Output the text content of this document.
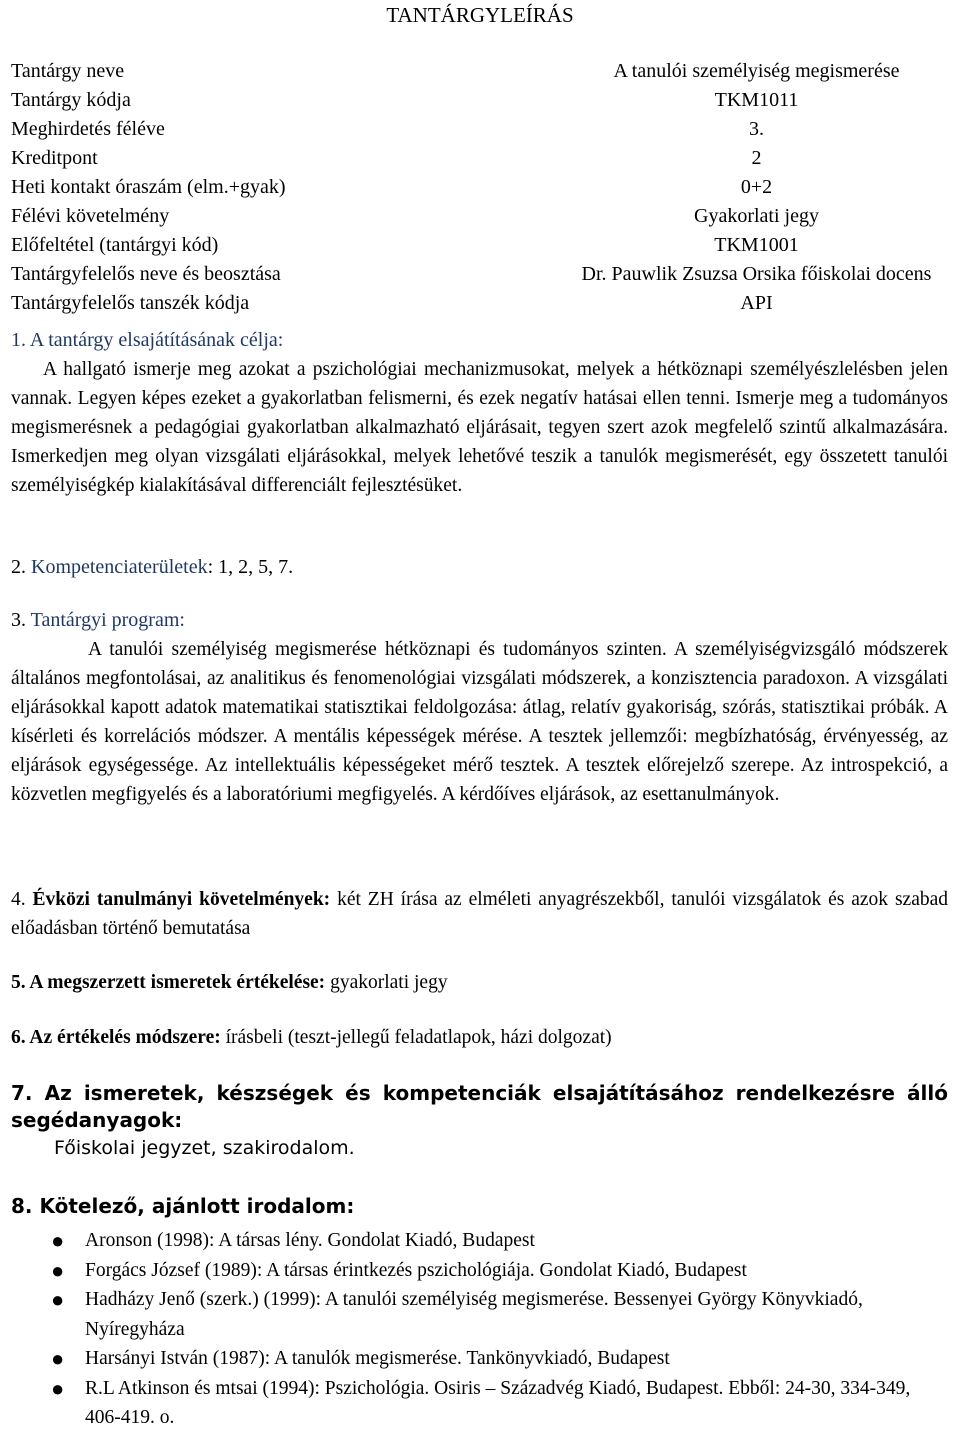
TANTÁRGYLEÍRÁS
Tantárgy neve	A tanulói személyiség megismerése
Tantárgy kódja	TKM1011
Meghirdetés féléve	3.
Kreditpont	2
Heti kontakt óraszám (elm.+gyak)	0+2
Félévi követelmény	Gyakorlati jegy
Előfeltétel (tantárgyi kód)	TKM1001
Tantárgyfelelős neve és beosztása	Dr. Pauwlik Zsuzsa Orsika főiskolai docens
Tantárgyfelelős tanszék kódja	API
1. A tantárgy elsajátításának célja:

A hallgató ismerje meg azokat a pszichológiai mechanizmusokat, melyek a hétköznapi személyészlelésben jelen vannak. Legyen képes ezeket a gyakorlatban felismerni, és ezek negatív hatásai ellen tenni. Ismerje meg a tudományos megismerésnek a pedagógiai gyakorlatban alkalmazható eljárásait, tegyen szert azok megfelelő szintű alkalmazására. Ismerkedjen meg olyan vizsgálati eljárásokkal, melyek lehetővé teszik a tanulók megismerését, egy összetett tanulói személyiségkép kialakításával differenciált fejlesztésüket.

2. Kompetenciaterületek: 1, 2, 5, 7.
3. Tantárgyi program:

A tanulói személyiség megismerése hétköznapi és tudományos szinten. A személyiségvizsgáló módszerek általános megfontolásai, az analitikus és fenomenológiai vizsgálati módszerek, a konzisztencia paradoxon. A vizsgálati eljárásokkal kapott adatok matematikai statisztikai feldolgozása: átlag, relatív gyakoriság, szórás, statisztikai próbák. A kísérleti és korrelációs módszer. A mentális képességek mérése. A tesztek jellemzői: megbízhatóság, érvényesség, az eljárások egységessége. Az intellektuális képességeket mérő tesztek. A tesztek előrejelző szerepe. Az introspekció, a közvetlen megfigyelés és a laboratóriumi megfigyelés. A kérdőíves eljárások, az esettanulmányok.

4. Évközi tanulmányi követelmények: két ZH írása az elméleti anyagrészekből, tanulói vizsgálatok és azok szabad előadásban történő bemutatása

5. A megszerzett ismeretek értékelése: gyakorlati jegy

6. Az értékelés módszere: írásbeli (teszt-jellegű feladatlapok, házi dolgozat)

7. Az ismeretek, készségek és kompetenciák elsajátításához rendelkezésre álló segédanyagok:

Főiskolai jegyzet, szakirodalom.

8. Kötelező, ajánlott irodalom:

● Aronson (1998): A társas lény. Gondolat Kiadó, Budapest
● Forgács József (1989): A társas érintkezés pszichológiája. Gondolat Kiadó, Budapest
● Hadházy Jenő (szerk.) (1999): A tanulói személyiség megismerése. Bessenyei György Könyvkiadó, Nyíregyháza
● Harsányi István (1987): A tanulók megismerése. Tankönyvkiadó, Budapest
● R.L Atkinson és mtsai (1994): Pszichológia. Osiris – Századvég Kiadó, Budapest. Ebből: 24-30, 334-349, 406-419. o.
